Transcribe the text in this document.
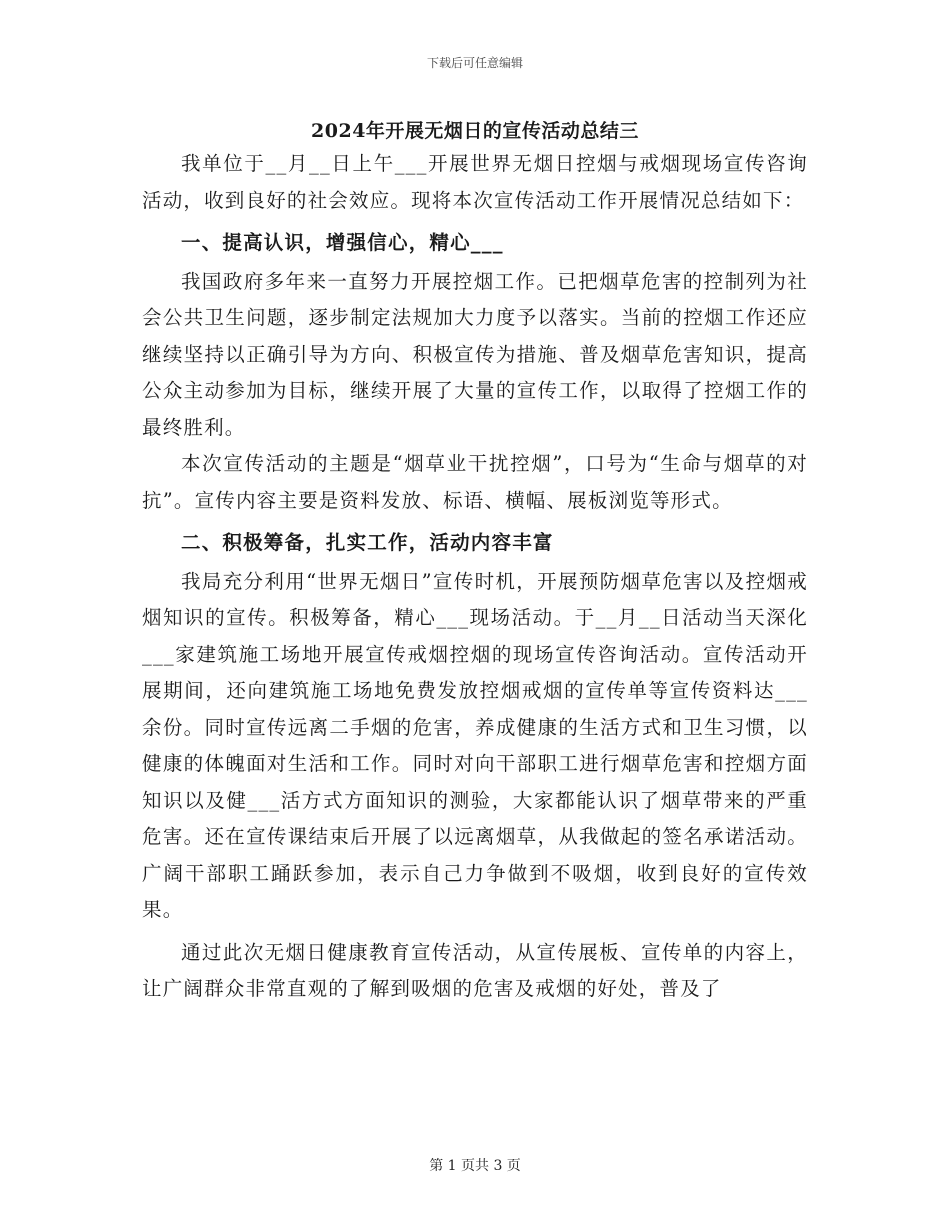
下载后可任意编辑
2024年开展无烟日的宣传活动总结三

我单位于__月__日上午___开展世界无烟日控烟与戒烟现场宣传咨询活动，收到良好的社会效应。现将本次宣传活动工作开展情况总结如下：

一、提高认识，增强信心，精心___

我国政府多年来一直努力开展控烟工作。已把烟草危害的控制列为社会公共卫生问题，逐步制定法规加大力度予以落实。当前的控烟工作还应继续坚持以正确引导为方向、积极宣传为措施、普及烟草危害知识，提高公众主动参加为目标，继续开展了大量的宣传工作，以取得了控烟工作的最终胜利。

本次宣传活动的主题是“烟草业干扰控烟”，口号为“生命与烟草的对抗”。宣传内容主要是资料发放、标语、横幅、展板浏览等形式。

二、积极筹备，扎实工作，活动内容丰富

我局充分利用“世界无烟日”宣传时机，开展预防烟草危害以及控烟戒烟知识的宣传。积极筹备，精心___现场活动。于__月__日活动当天深化___家建筑施工场地开展宣传戒烟控烟的现场宣传咨询活动。宣传活动开展期间，还向建筑施工场地免费发放控烟戒烟的宣传单等宣传资料达___余份。同时宣传远离二手烟的危害，养成健康的生活方式和卫生习惯，以健康的体魄面对生活和工作。同时对向干部职工进行烟草危害和控烟方面知识以及健___活方式方面知识的测验，大家都能认识了烟草带来的严重危害。还在宣传课结束后开展了以远离烟草，从我做起的签名承诺活动。广阔干部职工踊跃参加，表示自己力争做到不吸烟，收到良好的宣传效果。

通过此次无烟日健康教育宣传活动，从宣传展板、宣传单的内容上，让广阔群众非常直观的了解到吸烟的危害及戒烟的好处，普及了

第 1 页共 3 页
